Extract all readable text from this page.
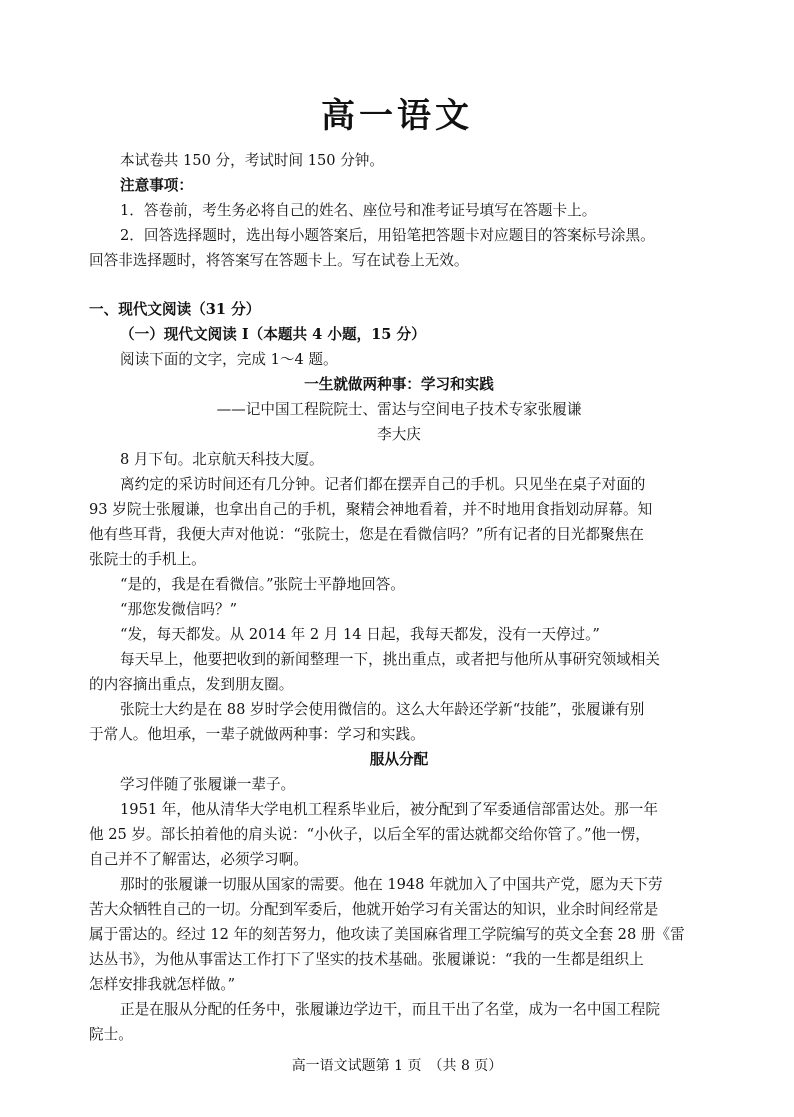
高一语文
本试卷共 150 分，考试时间 150 分钟。
注意事项：
1．答卷前，考生务必将自己的姓名、座位号和准考证号填写在答题卡上。
2．回答选择题时，选出每小题答案后，用铅笔把答题卡对应题目的答案标号涂黑。
回答非选择题时，将答案写在答题卡上。写在试卷上无效。
一、现代文阅读（31 分）
（一）现代文阅读 I（本题共 4 小题，15 分）
阅读下面的文字，完成 1～4 题。
一生就做两种事：学习和实践
——记中国工程院院士、雷达与空间电子技术专家张履谦
李大庆
8 月下旬。北京航天科技大厦。
离约定的采访时间还有几分钟。记者们都在摆弄自己的手机。只见坐在桌子对面的
93 岁院士张履谦，也拿出自己的手机，聚精会神地看着，并不时地用食指划动屏幕。知
他有些耳背，我便大声对他说：“张院士，您是在看微信吗？”所有记者的目光都聚焦在
张院士的手机上。
“是的，我是在看微信。”张院士平静地回答。
“那您发微信吗？”
“发，每天都发。从 2014 年 2 月 14 日起，我每天都发，没有一天停过。”
每天早上，他要把收到的新闻整理一下，挑出重点，或者把与他所从事研究领域相关
的内容摘出重点，发到朋友圈。
张院士大约是在 88 岁时学会使用微信的。这么大年龄还学新“技能”，张履谦有别
于常人。他坦承，一辈子就做两种事：学习和实践。
服从分配
学习伴随了张履谦一辈子。
1951 年，他从清华大学电机工程系毕业后，被分配到了军委通信部雷达处。那一年
他 25 岁。部长拍着他的肩头说：“小伙子，以后全军的雷达就都交给你管了。”他一愣，
自己并不了解雷达，必须学习啊。
那时的张履谦一切服从国家的需要。他在 1948 年就加入了中国共产党，愿为天下劳
苦大众牺牲自己的一切。分配到军委后，他就开始学习有关雷达的知识，业余时间经常是
属于雷达的。经过 12 年的刻苦努力，他攻读了美国麻省理工学院编写的英文全套 28 册《雷
达丛书》，为他从事雷达工作打下了坚实的技术基础。张履谦说：“我的一生都是组织上
怎样安排我就怎样做。”
正是在服从分配的任务中，张履谦边学边干，而且干出了名堂，成为一名中国工程院
院士。
高一语文试题第 1 页　（共 8 页）
